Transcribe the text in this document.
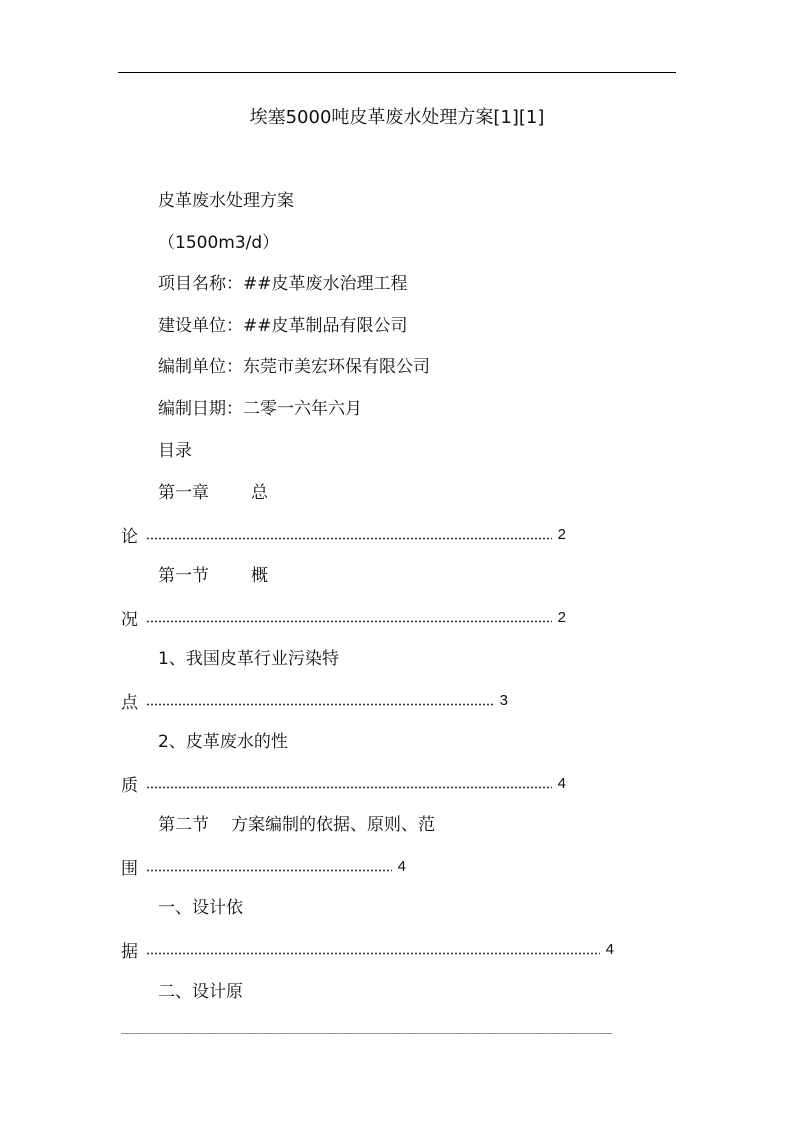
埃塞5000吨皮革废水处理方案[1][1]
皮革废水处理方案
（1500m3/d）
项目名称：##皮革废水治理工程
建设单位：##皮革制品有限公司
编制单位：东莞市美宏环保有限公司
编制日期：二零一六年六月
目录
第一章 总
论	2
第一节 概
况	2
1、我国皮革行业污染特
点	3
2、皮革废水的性
质	4
第二节 方案编制的依据、原则、范
围	4
一、设计依
据	4
二、设计原
____________________________________________________________________
